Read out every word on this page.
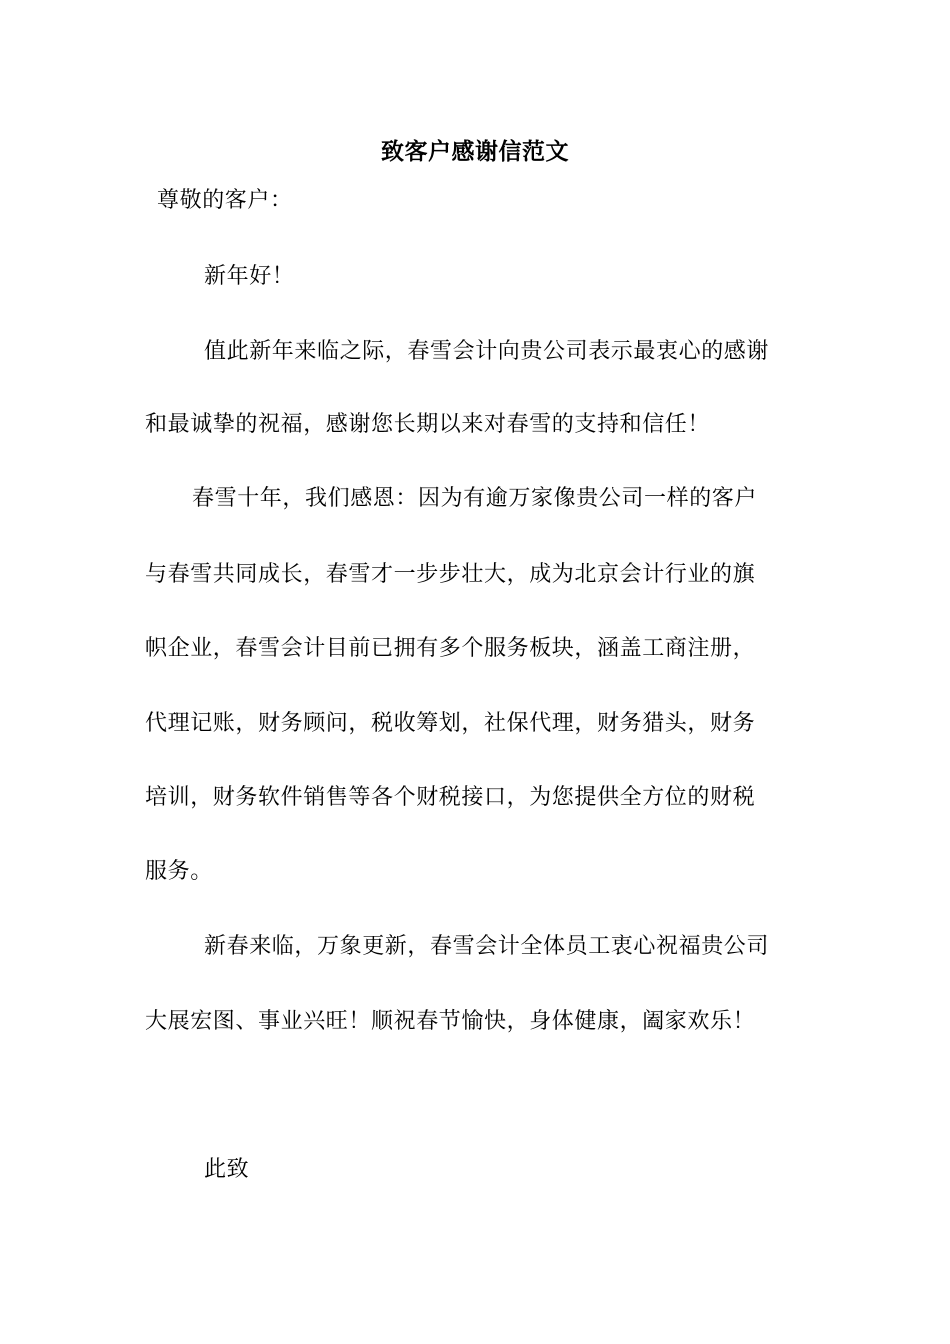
致客户感谢信范文
尊敬的客户：
新年好！
值此新年来临之际，春雪会计向贵公司表示最衷心的感谢
和最诚挚的祝福，感谢您长期以来对春雪的支持和信任！
春雪十年，我们感恩：因为有逾万家像贵公司一样的客户
与春雪共同成长，春雪才一步步壮大，成为北京会计行业的旗
帜企业，春雪会计目前已拥有多个服务板块，涵盖工商注册，
代理记账，财务顾问，税收筹划，社保代理，财务猎头，财务
培训，财务软件销售等各个财税接口，为您提供全方位的财税
服务。
新春来临，万象更新，春雪会计全体员工衷心祝福贵公司
大展宏图、事业兴旺！顺祝春节愉快，身体健康，阖家欢乐！
此致
